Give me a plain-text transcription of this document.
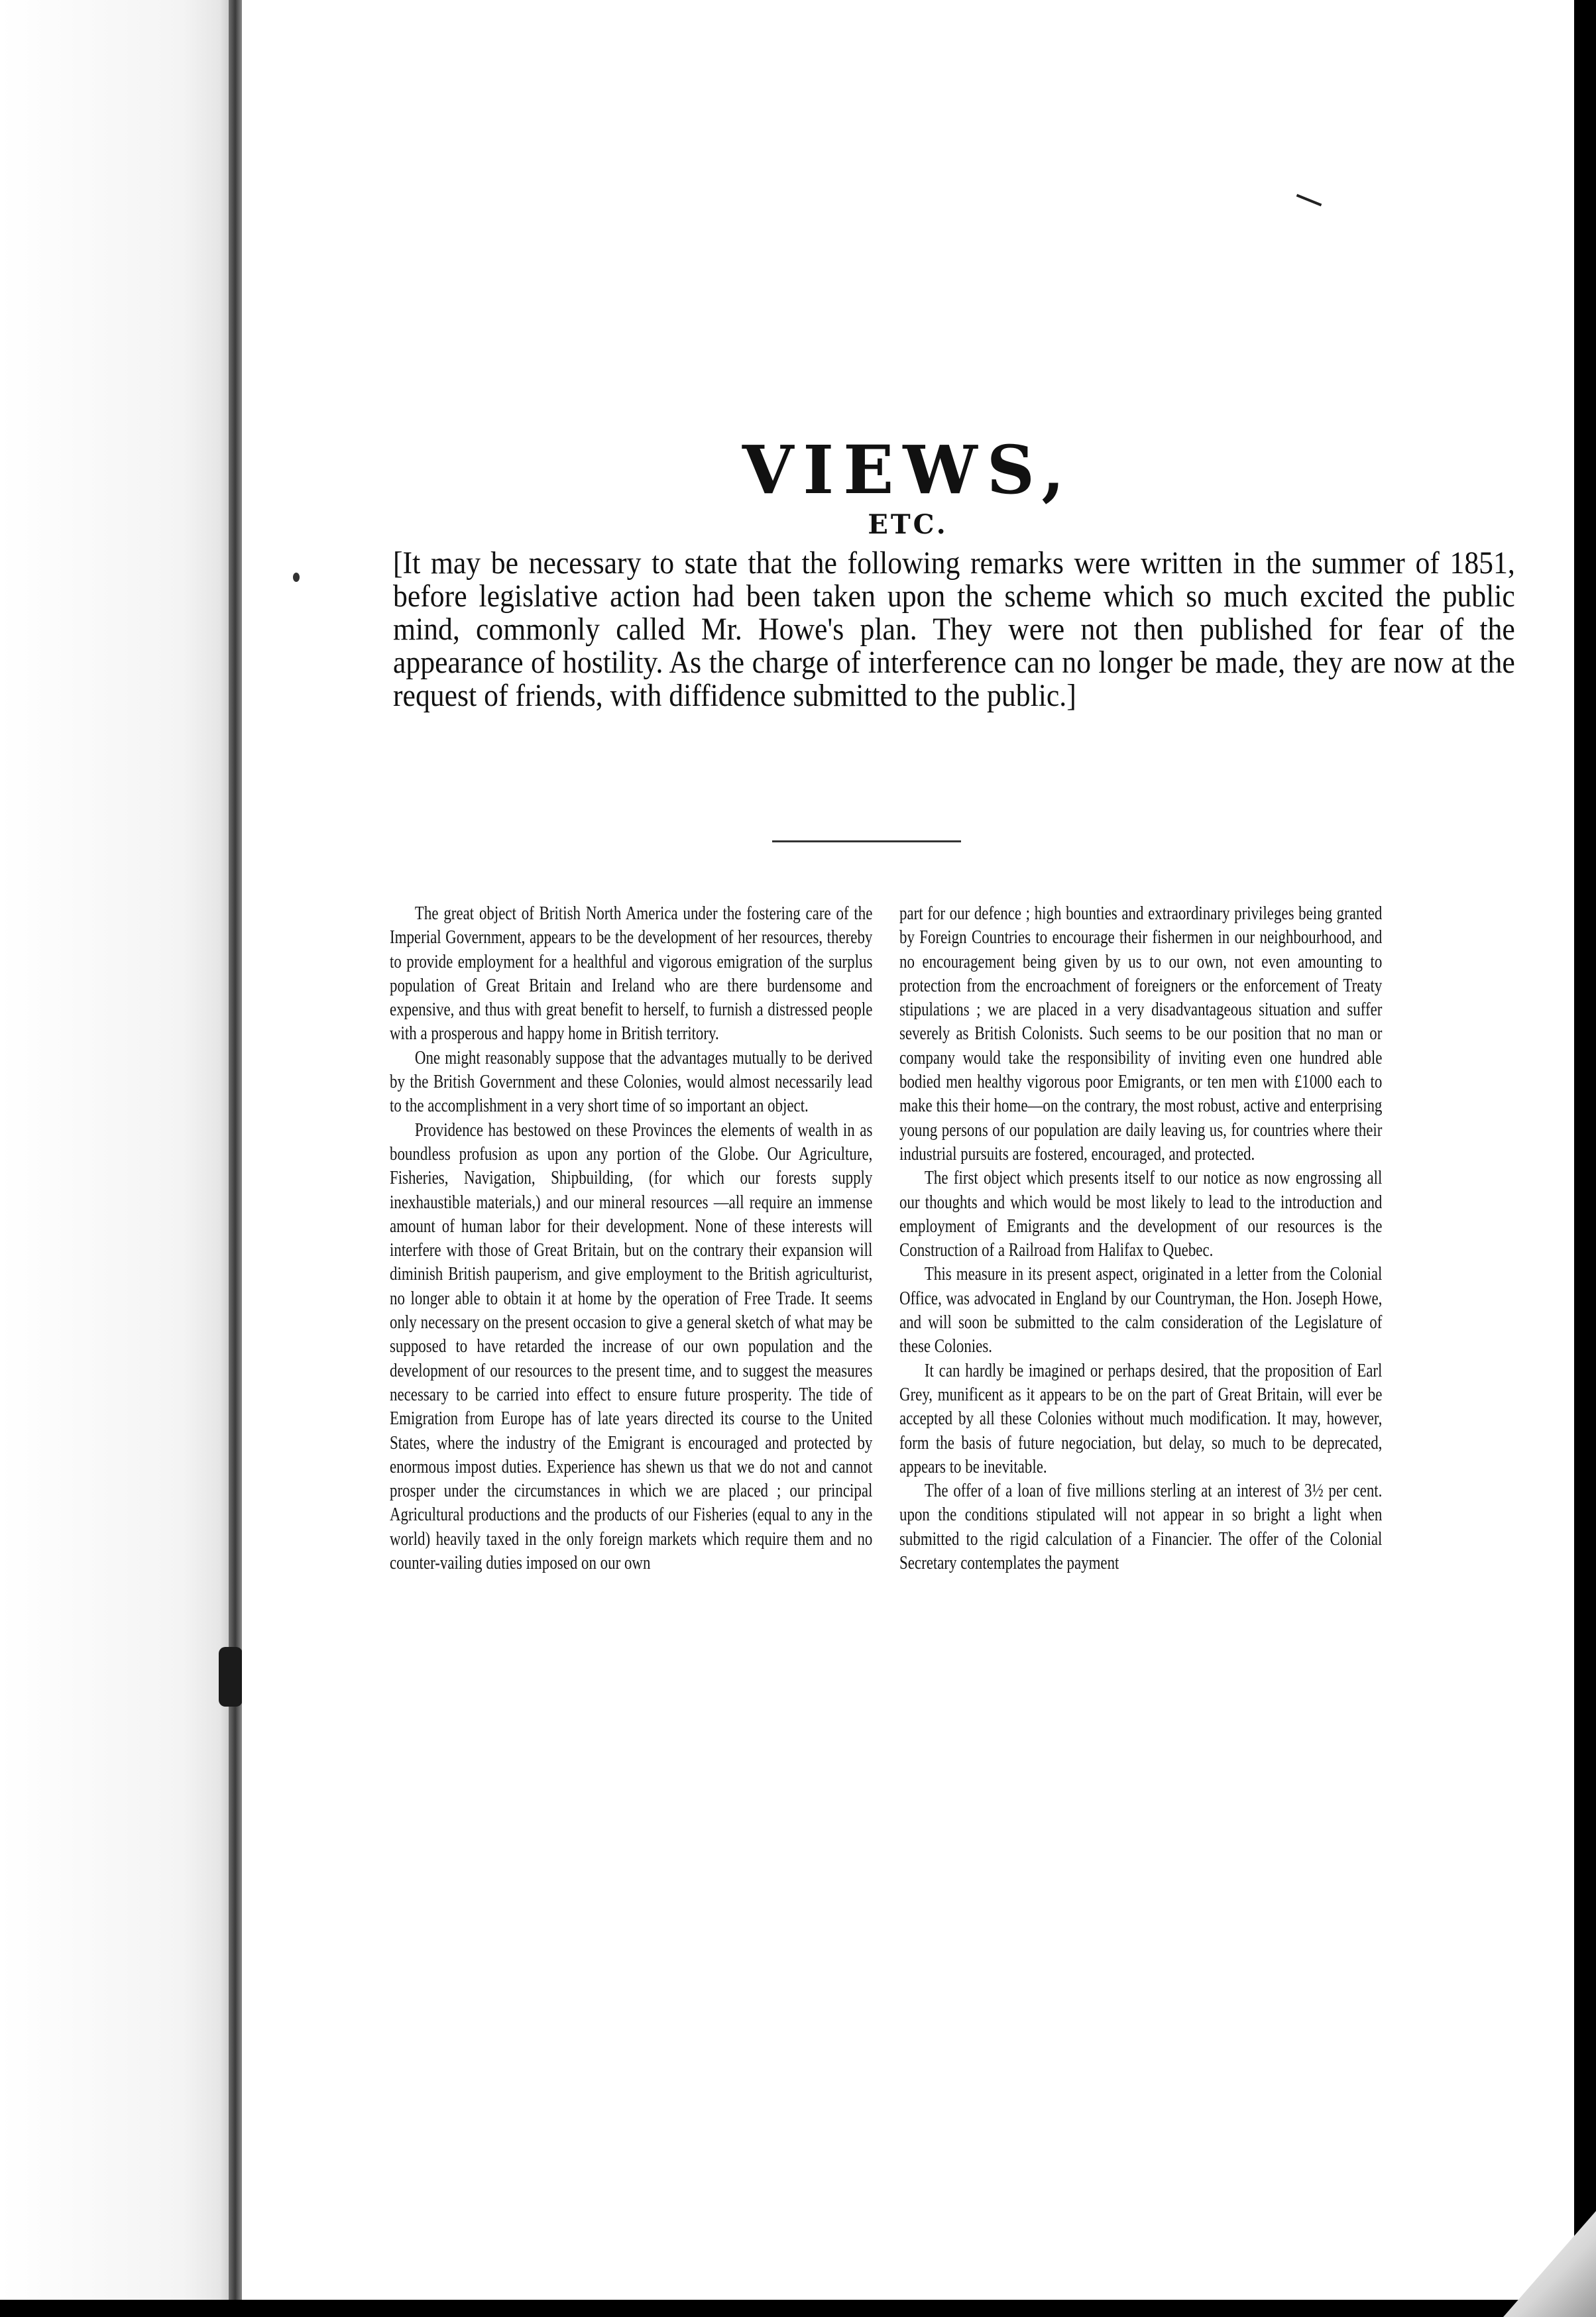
VIEWS,
ETC.

[It may be necessary to state that the following remarks were written in the summer of 1851, before legislative action had been taken upon the scheme which so much excited the public mind, commonly called Mr. Howe's plan. They were not then published for fear of the appearance of hostility. As the charge of interference can no longer be made, they are now at the request of friends, with diffidence submitted to the public.]

The great object of British North America under the fostering care of the Imperial Government, appears to be the development of her resources, thereby to provide employment for a healthful and vigorous emigration of the surplus population of Great Britain and Ireland who are there burdensome and expensive, and thus with great benefit to herself, to furnish a distressed people with a prosperous and happy home in British territory.

One might reasonably suppose that the advantages mutually to be derived by the British Government and these Colonies, would almost necessarily lead to the accomplishment in a very short time of so important an object.

Providence has bestowed on these Provinces the elements of wealth in as boundless profusion as upon any portion of the Globe. Our Agriculture, Fisheries, Navigation, Shipbuilding, (for which our forests supply inexhaustible materials,) and our mineral resources —all require an immense amount of human labor for their development. None of these interests will interfere with those of Great Britain, but on the contrary their expansion will diminish British pauperism, and give employment to the British agriculturist, no longer able to obtain it at home by the operation of Free Trade. It seems only necessary on the present occasion to give a general sketch of what may be supposed to have retarded the increase of our own population and the development of our resources to the present time, and to suggest the measures necessary to be carried into effect to ensure future prosperity. The tide of Emigration from Europe has of late years directed its course to the United States, where the industry of the Emigrant is encouraged and protected by enormous impost duties. Experience has shewn us that we do not and cannot prosper under the circumstances in which we are placed ; our principal Agricultural productions and the products of our Fisheries (equal to any in the world) heavily taxed in the only foreign markets which require them and no counter-vailing duties imposed on our own

part for our defence ; high bounties and extraordinary privileges being granted by Foreign Countries to encourage their fishermen in our neighbourhood, and no encouragement being given by us to our own, not even amounting to protection from the encroachment of foreigners or the enforcement of Treaty stipulations ; we are placed in a very disadvantageous situation and suffer severely as British Colonists. Such seems to be our position that no man or company would take the responsibility of inviting even one hundred able bodied men healthy vigorous poor Emigrants, or ten men with £1000 each to make this their home—on the contrary, the most robust, active and enterprising young persons of our population are daily leaving us, for countries where their industrial pursuits are fostered, encouraged, and protected.

The first object which presents itself to our notice as now engrossing all our thoughts and which would be most likely to lead to the introduction and employment of Emigrants and the development of our resources is the Construction of a Railroad from Halifax to Quebec.

This measure in its present aspect, originated in a letter from the Colonial Office, was advocated in England by our Countryman, the Hon. Joseph Howe, and will soon be submitted to the calm consideration of the Legislature of these Colonies.

It can hardly be imagined or perhaps desired, that the proposition of Earl Grey, munificent as it appears to be on the part of Great Britain, will ever be accepted by all these Colonies without much modification. It may, however, form the basis of future negociation, but delay, so much to be deprecated, appears to be inevitable.

The offer of a loan of five millions sterling at an interest of 3½ per cent. upon the conditions stipulated will not appear in so bright a light when submitted to the rigid calculation of a Financier. The offer of the Colonial Secretary contemplates the payment
